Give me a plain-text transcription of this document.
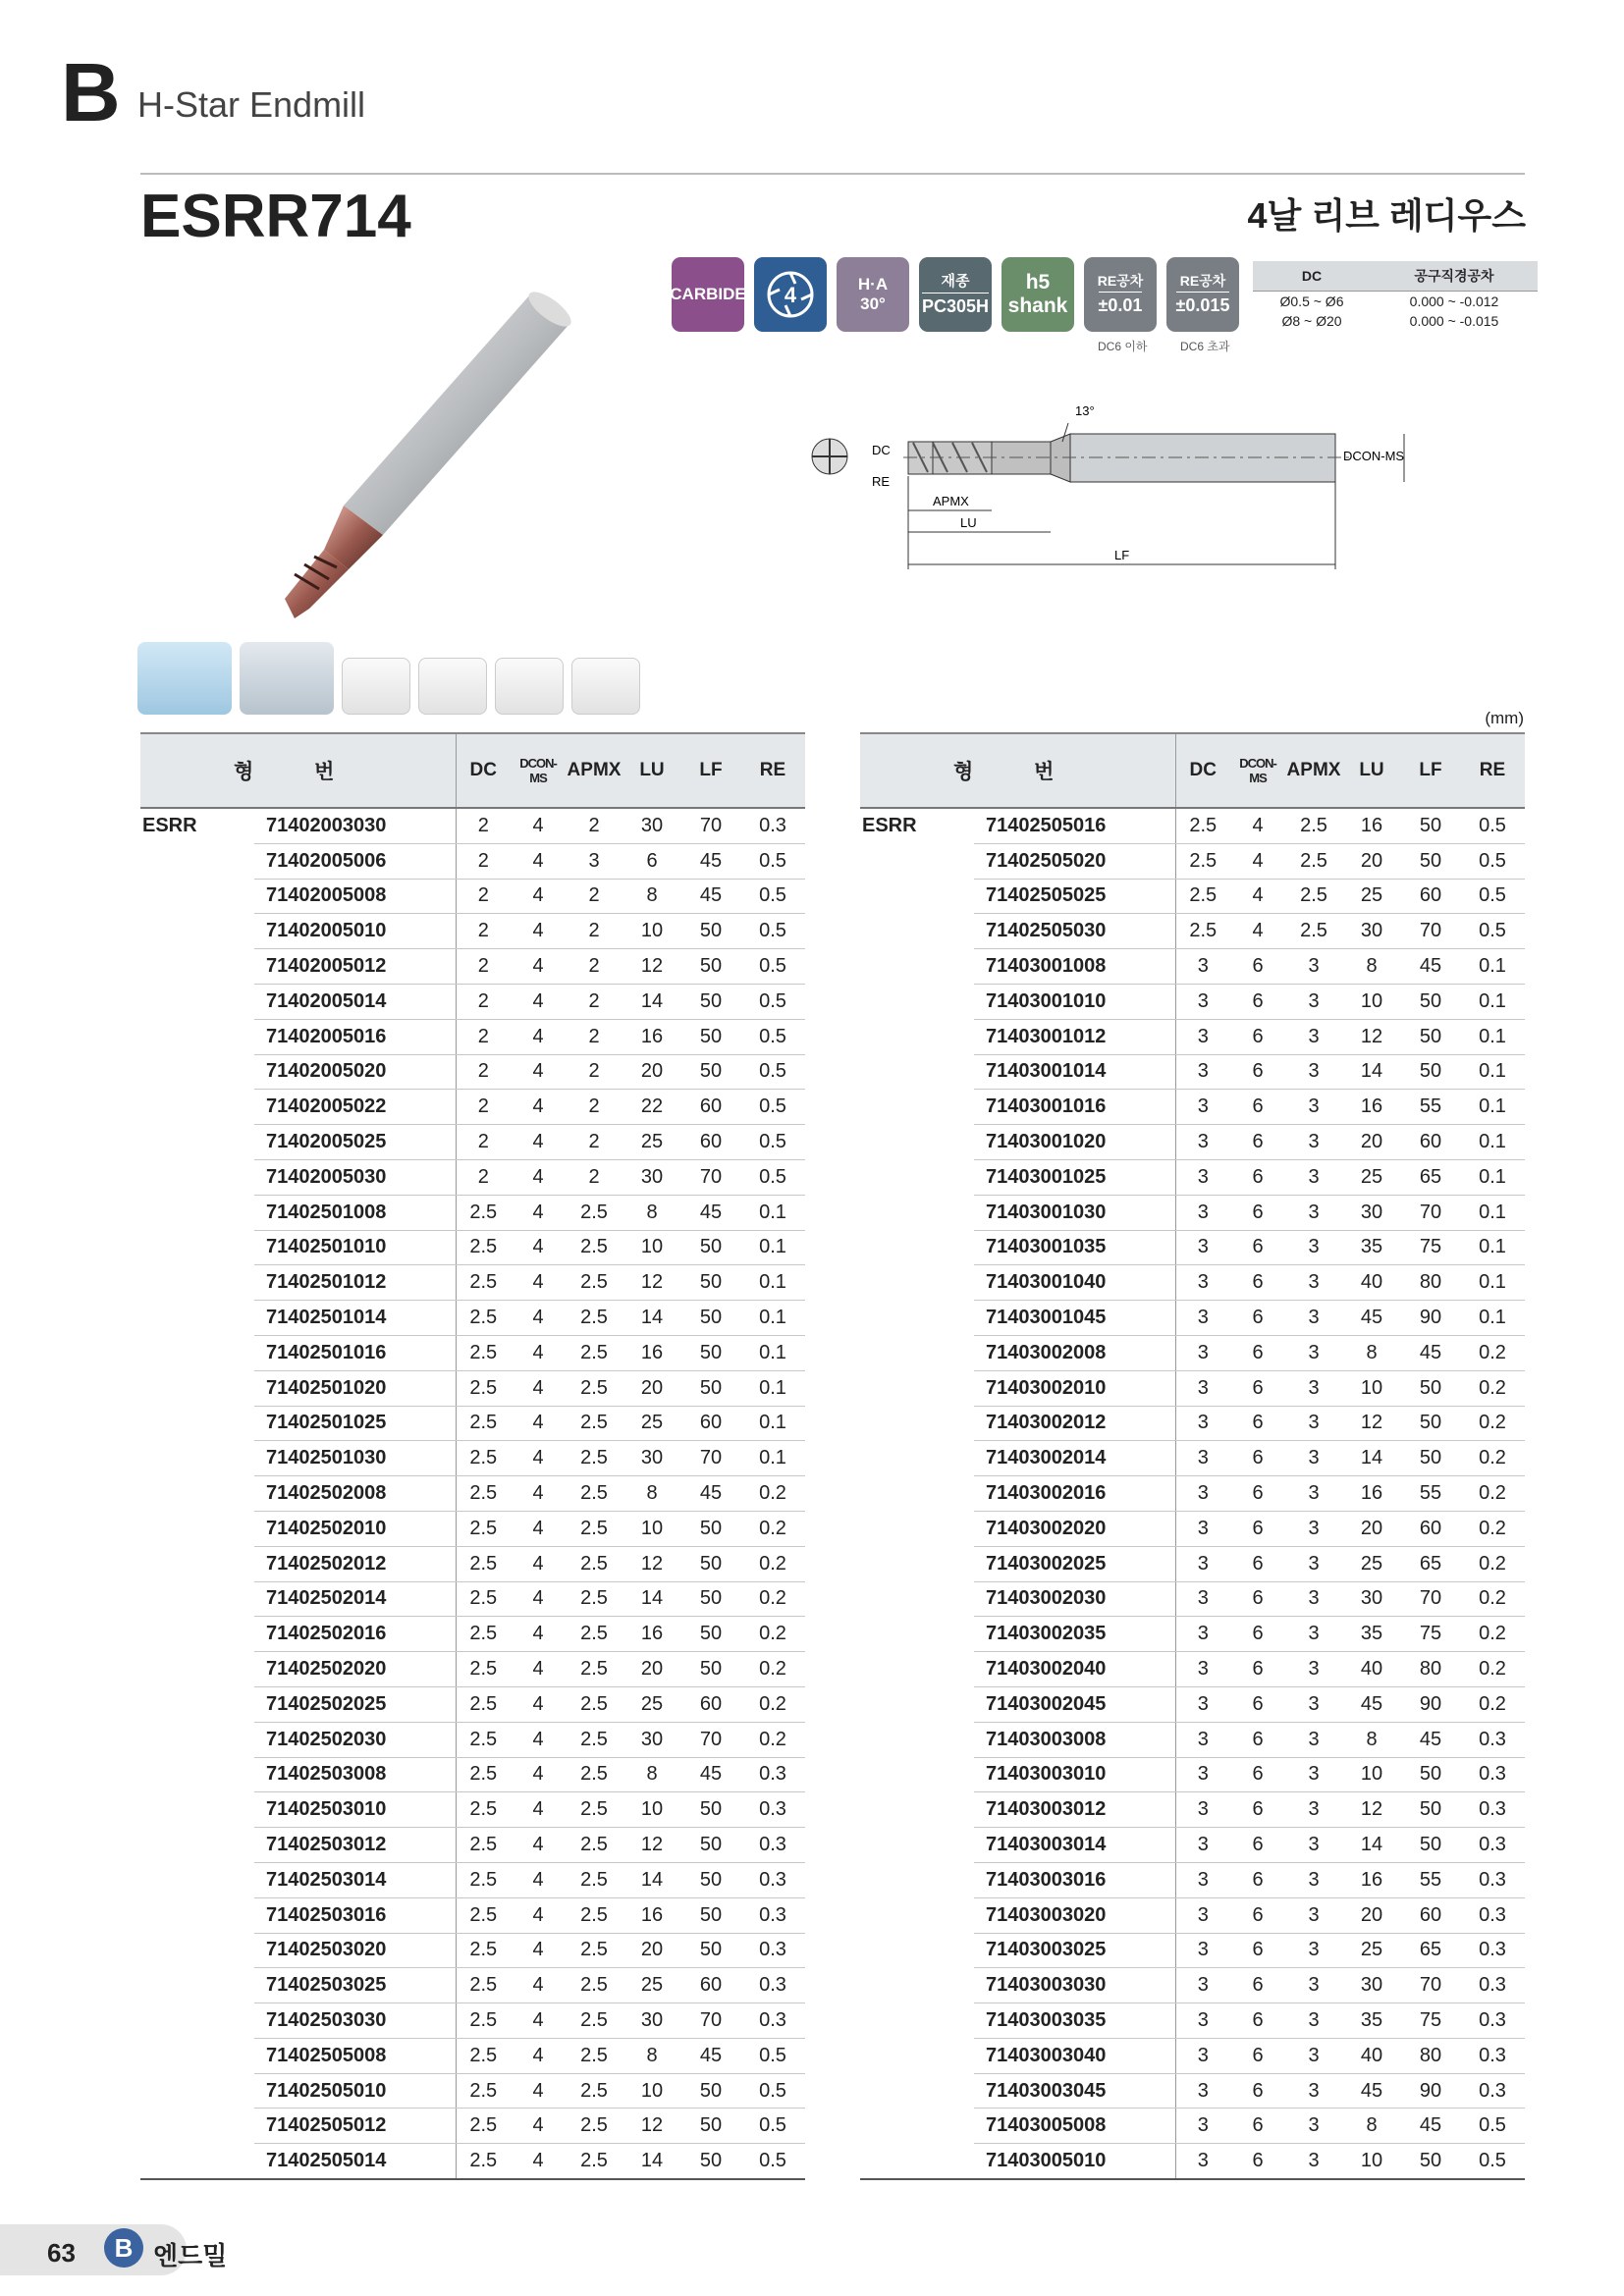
B H-Star Endmill
ESRR714	4날 리브 레디우스
CARBIDE 4	H·A
30°
재종
PC305H
h5
shank
RE공차
±0.01
RE공차
±0.015
DC6 이하	DC6 초과
DC	공구직경공차
Ø0.5 ~ Ø6	0.000 ~ -0.012
Ø8 ~ Ø20	0.000 ~ -0.015
13°
DC
RE
DCON-MS
APMX
LU
LF
(mm)
형 번		DC	DCON-MS	APMX	LU	LF	RE
ESRR	71402003030	2	4	2	30	70	0.3
	71402005006	2	4	3	6	45	0.5
	71402005008	2	4	2	8	45	0.5
	71402005010	2	4	2	10	50	0.5
	71402005012	2	4	2	12	50	0.5
	71402005014	2	4	2	14	50	0.5
	71402005016	2	4	2	16	50	0.5
	71402005020	2	4	2	20	50	0.5
	71402005022	2	4	2	22	60	0.5
	71402005025	2	4	2	25	60	0.5
	71402005030	2	4	2	30	70	0.5
	71402501008	2.5	4	2.5	8	45	0.1
	71402501010	2.5	4	2.5	10	50	0.1
	71402501012	2.5	4	2.5	12	50	0.1
	71402501014	2.5	4	2.5	14	50	0.1
	71402501016	2.5	4	2.5	16	50	0.1
	71402501020	2.5	4	2.5	20	50	0.1
	71402501025	2.5	4	2.5	25	60	0.1
	71402501030	2.5	4	2.5	30	70	0.1
	71402502008	2.5	4	2.5	8	45	0.2
	71402502010	2.5	4	2.5	10	50	0.2
	71402502012	2.5	4	2.5	12	50	0.2
	71402502014	2.5	4	2.5	14	50	0.2
	71402502016	2.5	4	2.5	16	50	0.2
	71402502020	2.5	4	2.5	20	50	0.2
	71402502025	2.5	4	2.5	25	60	0.2
	71402502030	2.5	4	2.5	30	70	0.2
	71402503008	2.5	4	2.5	8	45	0.3
	71402503010	2.5	4	2.5	10	50	0.3
	71402503012	2.5	4	2.5	12	50	0.3
	71402503014	2.5	4	2.5	14	50	0.3
	71402503016	2.5	4	2.5	16	50	0.3
	71402503020	2.5	4	2.5	20	50	0.3
	71402503025	2.5	4	2.5	25	60	0.3
	71402503030	2.5	4	2.5	30	70	0.3
	71402505008	2.5	4	2.5	8	45	0.5
	71402505010	2.5	4	2.5	10	50	0.5
	71402505012	2.5	4	2.5	12	50	0.5
	71402505014	2.5	4	2.5	14	50	0.5
형 번		DC	DCON-MS	APMX	LU	LF	RE
ESRR	71402505016	2.5	4	2.5	16	50	0.5
	71402505020	2.5	4	2.5	20	50	0.5
	71402505025	2.5	4	2.5	25	60	0.5
	71402505030	2.5	4	2.5	30	70	0.5
	71403001008	3	6	3	8	45	0.1
	71403001010	3	6	3	10	50	0.1
	71403001012	3	6	3	12	50	0.1
	71403001014	3	6	3	14	50	0.1
	71403001016	3	6	3	16	55	0.1
	71403001020	3	6	3	20	60	0.1
	71403001025	3	6	3	25	65	0.1
	71403001030	3	6	3	30	70	0.1
	71403001035	3	6	3	35	75	0.1
	71403001040	3	6	3	40	80	0.1
	71403001045	3	6	3	45	90	0.1
	71403002008	3	6	3	8	45	0.2
	71403002010	3	6	3	10	50	0.2
	71403002012	3	6	3	12	50	0.2
	71403002014	3	6	3	14	50	0.2
	71403002016	3	6	3	16	55	0.2
	71403002020	3	6	3	20	60	0.2
	71403002025	3	6	3	25	65	0.2
	71403002030	3	6	3	30	70	0.2
	71403002035	3	6	3	35	75	0.2
	71403002040	3	6	3	40	80	0.2
	71403002045	3	6	3	45	90	0.2
	71403003008	3	6	3	8	45	0.3
	71403003010	3	6	3	10	50	0.3
	71403003012	3	6	3	12	50	0.3
	71403003014	3	6	3	14	50	0.3
	71403003016	3	6	3	16	55	0.3
	71403003020	3	6	3	20	60	0.3
	71403003025	3	6	3	25	65	0.3
	71403003030	3	6	3	30	70	0.3
	71403003035	3	6	3	35	75	0.3
	71403003040	3	6	3	40	80	0.3
	71403003045	3	6	3	45	90	0.3
	71403005008	3	6	3	8	45	0.5
	71403005010	3	6	3	10	50	0.5
63	B 엔드밀
